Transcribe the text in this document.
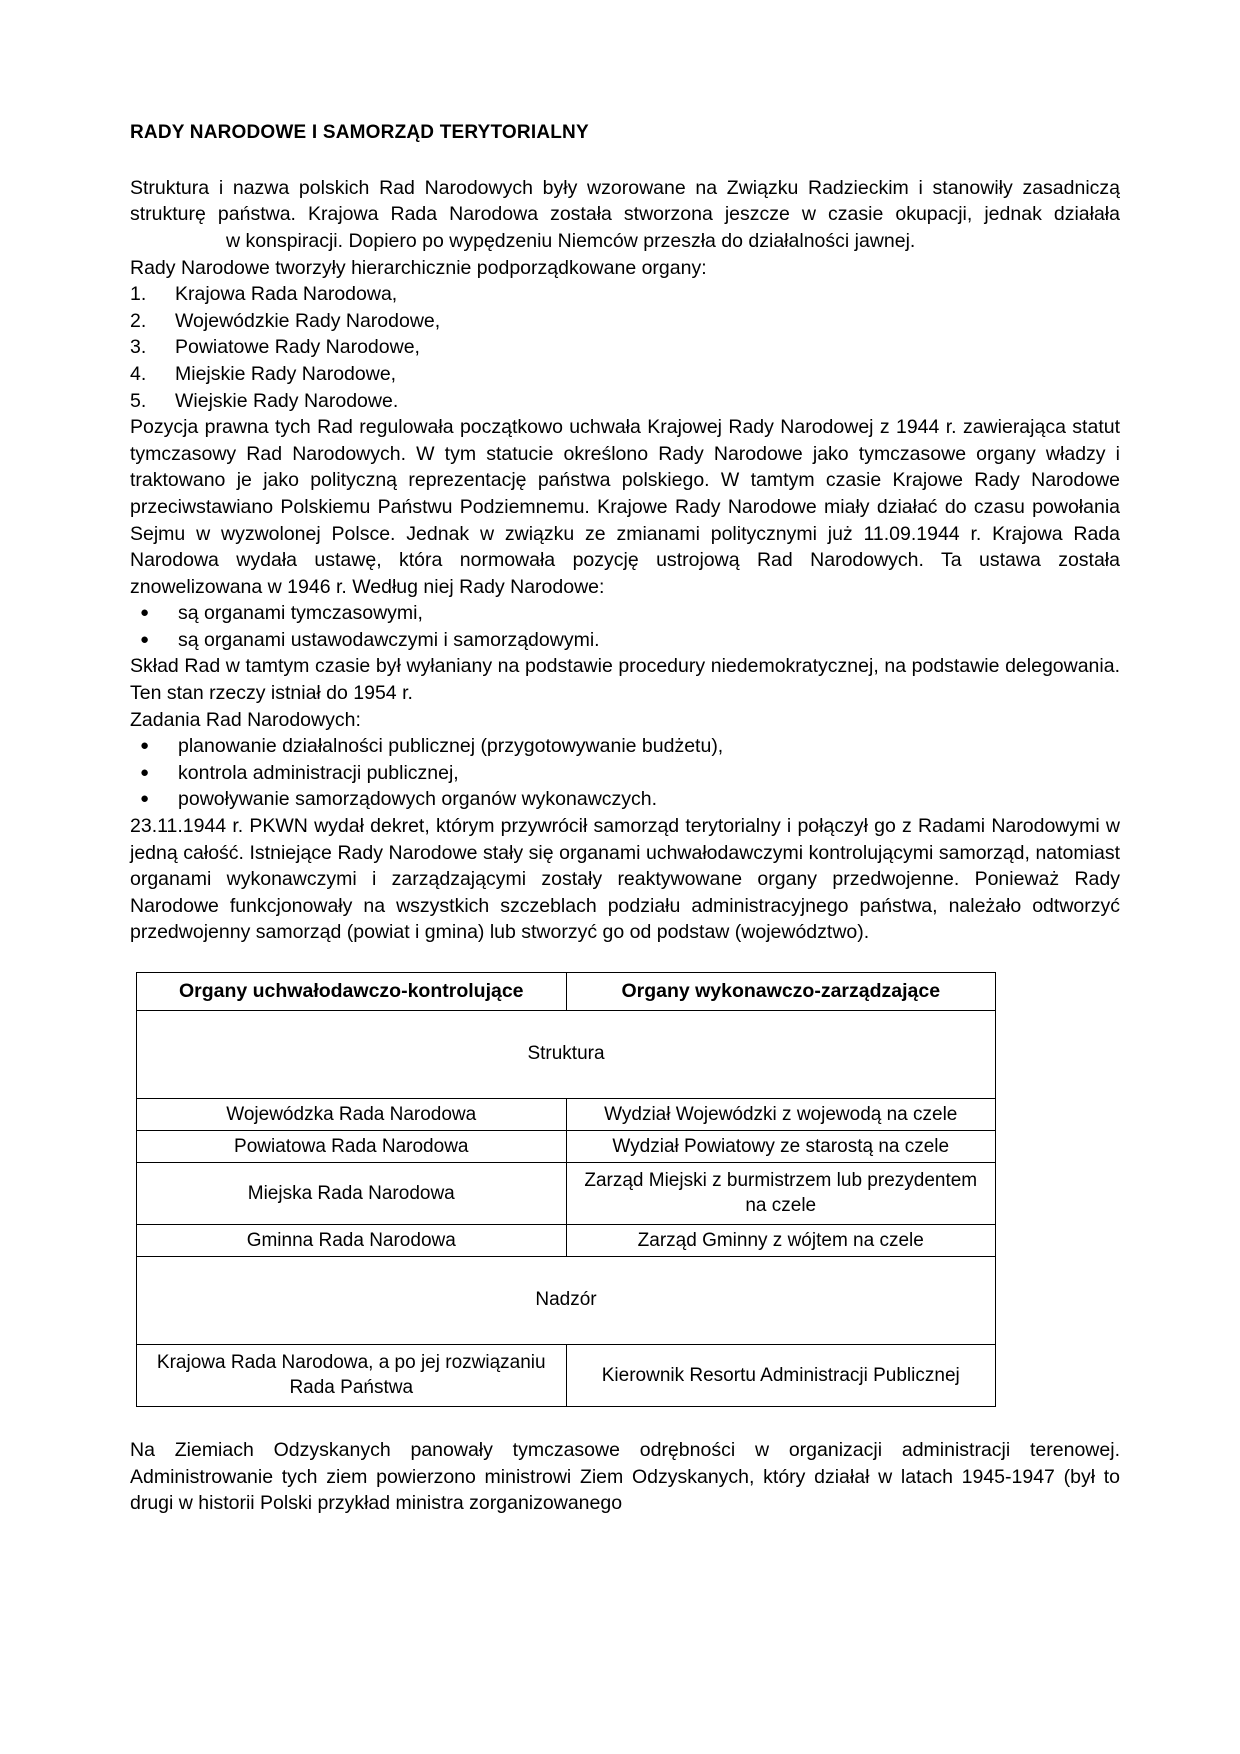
RADY NARODOWE I SAMORZĄD TERYTORIALNY

Struktura i nazwa polskich Rad Narodowych były wzorowane na Związku Radzieckim i stanowiły zasadniczą strukturę państwa. Krajowa Rada Narodowa została stworzona jeszcze w czasie okupacji, jednak działaław konspiracji. Dopiero po wypędzeniu Niemców przeszła do działalności jawnej.

Rady Narodowe tworzyły hierarchicznie podporządkowane organy:

1.	Krajowa Rada Narodowa,
2.	Wojewódzkie Rady Narodowe,
3.	Powiatowe Rady Narodowe,
4.	Miejskie Rady Narodowe,
5.	Wiejskie Rady Narodowe.

Pozycja prawna tych Rad regulowała początkowo uchwała Krajowej Rady Narodowej z 1944 r. zawierająca statut tymczasowy Rad Narodowych. W tym statucie określono Rady Narodowe jako tymczasowe organy władzy i traktowano je jako polityczną reprezentację państwa polskiego. W tamtym czasie Krajowe Rady Narodowe przeciwstawiano Polskiemu Państwu Podziemnemu. Krajowe Rady Narodowe miały działać do czasu powołania Sejmu w wyzwolonej Polsce. Jednak w związku ze zmianami politycznymi już 11.09.1944 r. Krajowa Rada Narodowa wydała ustawę, która normowała pozycję ustrojową Rad Narodowych. Ta ustawa została znowelizowana w 1946 r. Według niej Rady Narodowe:

● są organami tymczasowymi,
● są organami ustawodawczymi i samorządowymi.

Skład Rad w tamtym czasie był wyłaniany na podstawie procedury niedemokratycznej, na podstawie delegowania. Ten stan rzeczy istniał do 1954 r.

Zadania Rad Narodowych:

● planowanie działalności publicznej (przygotowywanie budżetu),
● kontrola administracji publicznej,
● powoływanie samorządowych organów wykonawczych.

23.11.1944 r. PKWN wydał dekret, którym przywrócił samorząd terytorialny i połączył go z Radami Narodowymi w jedną całość. Istniejące Rady Narodowe stały się organami uchwałodawczymi kontrolującymi samorząd, natomiast organami wykonawczymi i zarządzającymi zostały reaktywowane organy przedwojenne. Ponieważ Rady Narodowe funkcjonowały na wszystkich szczeblach podziału administracyjnego państwa, należało odtworzyć przedwojenny samorząd (powiat i gmina) lub stworzyć go od podstaw (województwo).

Organy uchwałodawczo-kontrolujące	Organy wykonawczo-zarządzające
Struktura	
Wojewódzka Rada Narodowa	Wydział Wojewódzki z wojewodą na czele
Powiatowa Rada Narodowa	Wydział Powiatowy ze starostą na czele
Miejska Rada Narodowa	Zarząd Miejski z burmistrzem lub prezydentem na czele
Gminna Rada Narodowa	Zarząd Gminny z wójtem na czele
Nadzór	
Krajowa Rada Narodowa, a po jej rozwiązaniu Rada Państwa	Kierownik Resortu Administracji Publicznej

Na Ziemiach Odzyskanych panowały tymczasowe odrębności w organizacji administracji terenowej. Administrowanie tych ziem powierzono ministrowi Ziem Odzyskanych, który działał w latach 1945-1947 (był to drugi w historii Polski przykład ministra zorganizowanego
